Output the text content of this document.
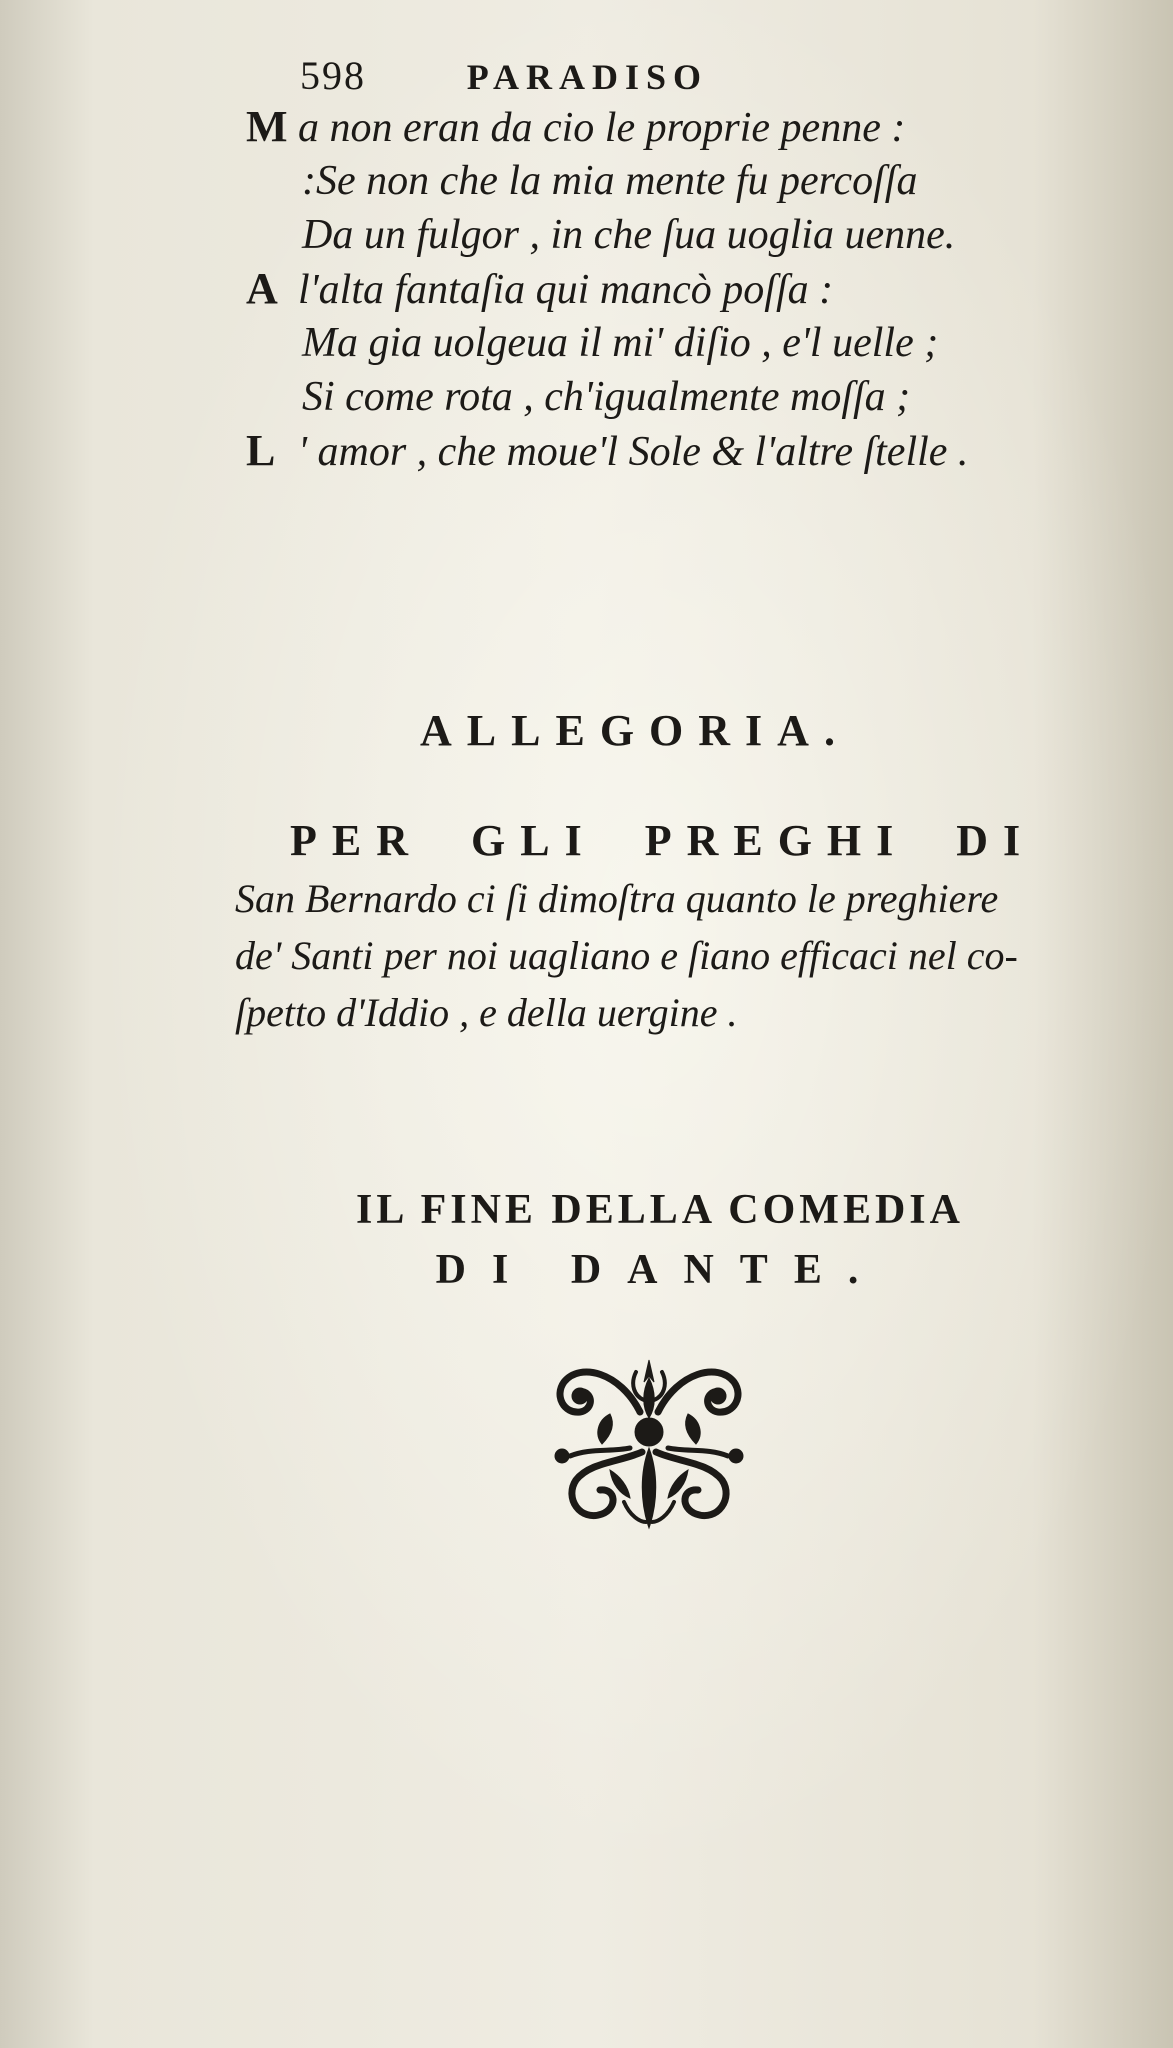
598	PARADISO
M a non eran da cio le proprie penne :
:Se non che la mia mente fu percoſſa
Da un fulgor , in che ſua uoglia uenne.
A l'alta fantaſia qui mancò poſſa :
Ma gia uolgeua il mi' diſio , e'l uelle ;
Si come rota , ch'igualmente moſſa ;
L ' amor , che moue'l Sole & l'altre ſtelle .
ALLEGORIA.
PER GLI PREGHI DI
San Bernardo ci ſi dimoſtra quanto le preghiere
de' Santi per noi uagliano e ſiano efficaci nel co-
ſpetto d'Iddio , e della uergine .
IL FINE DELLA COMEDIA
DI DANTE.
